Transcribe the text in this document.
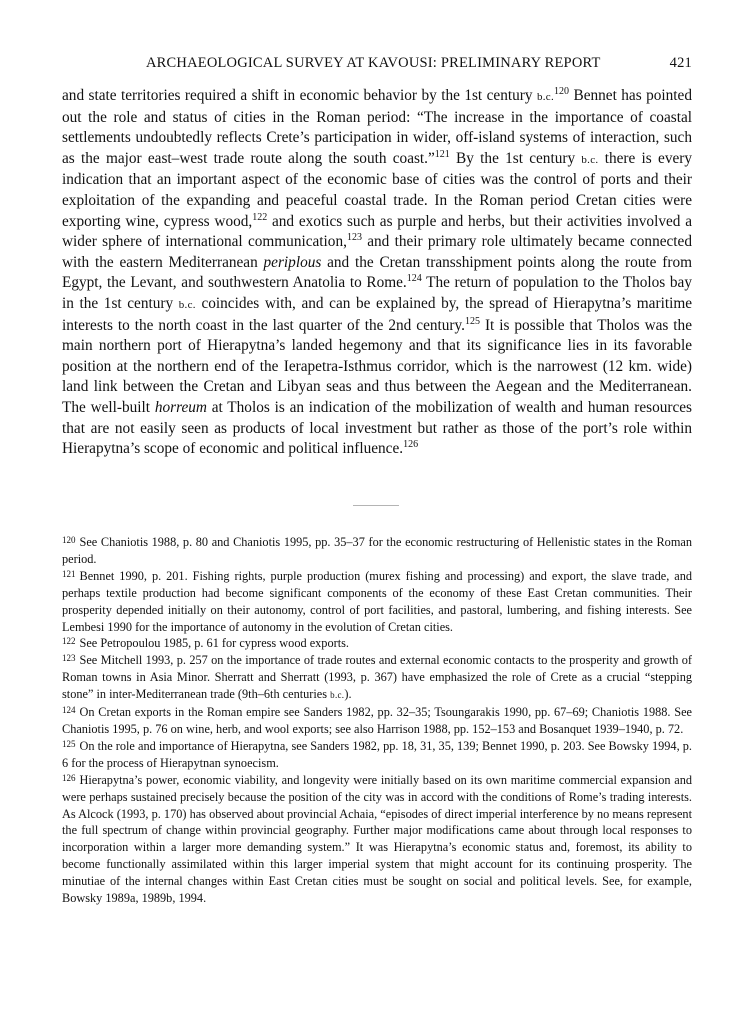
ARCHAEOLOGICAL SURVEY AT KAVOUSI: PRELIMINARY REPORT	421

and state territories required a shift in economic behavior by the 1st century b.c.$^{120}$ Bennet has pointed out the role and status of cities in the Roman period: “The increase in the importance of coastal settlements undoubtedly reflects Crete’s participation in wider, off-island systems of interaction, such as the major east–west trade route along the south coast.”$^{121}$ By the 1st century b.c. there is every indication that an important aspect of the economic base of cities was the control of ports and their exploitation of the expanding and peaceful coastal trade. In the Roman period Cretan cities were exporting wine, cypress wood,$^{122}$ and exotics such as purple and herbs, but their activities involved a wider sphere of international communication,$^{123}$ and their primary role ultimately became connected with the eastern Mediterranean periplous and the Cretan transshipment points along the route from Egypt, the Levant, and southwestern Anatolia to Rome.$^{124}$ The return of population to the Tholos bay in the 1st century b.c. coincides with, and can be explained by, the spread of Hierapytna’s maritime interests to the north coast in the last quarter of the 2nd century.$^{125}$ It is possible that Tholos was the main northern port of Hierapytna’s landed hegemony and that its significance lies in its favorable position at the northern end of the Ierapetra-Isthmus corridor, which is the narrowest (12 km. wide) land link between the Cretan and Libyan seas and thus between the Aegean and the Mediterranean. The well-built horreum at Tholos is an indication of the mobilization of wealth and human resources that are not easily seen as products of local investment but rather as those of the port’s role within Hierapytna’s scope of economic and political influence.$^{126}$

$^{120}$ See Chaniotis 1988, p. 80 and Chaniotis 1995, pp. 35–37 for the economic restructuring of Hellenistic states in the Roman period.

$^{121}$ Bennet 1990, p. 201. Fishing rights, purple production (murex fishing and processing) and export, the slave trade, and perhaps textile production had become significant components of the economy of these East Cretan communities. Their prosperity depended initially on their autonomy, control of port facilities, and pastoral, lumbering, and fishing interests. See Lembesi 1990 for the importance of autonomy in the evolution of Cretan cities.

$^{122}$ See Petropoulou 1985, p. 61 for cypress wood exports.

$^{123}$ See Mitchell 1993, p. 257 on the importance of trade routes and external economic contacts to the prosperity and growth of Roman towns in Asia Minor. Sherratt and Sherratt (1993, p. 367) have emphasized the role of Crete as a crucial “stepping stone” in inter-Mediterranean trade (9th–6th centuries b.c.).

$^{124}$ On Cretan exports in the Roman empire see Sanders 1982, pp. 32–35; Tsoungarakis 1990, pp. 67–69; Chaniotis 1988. See Chaniotis 1995, p. 76 on wine, herb, and wool exports; see also Harrison 1988, pp. 152–153 and Bosanquet 1939–1940, p. 72.

$^{125}$ On the role and importance of Hierapytna, see Sanders 1982, pp. 18, 31, 35, 139; Bennet 1990, p. 203. See Bowsky 1994, p. 6 for the process of Hierapytnan synoecism.

$^{126}$ Hierapytna’s power, economic viability, and longevity were initially based on its own maritime commercial expansion and were perhaps sustained precisely because the position of the city was in accord with the conditions of Rome’s trading interests. As Alcock (1993, p. 170) has observed about provincial Achaia, “episodes of direct imperial interference by no means represent the full spectrum of change within provincial geography. Further major modifications came about through local responses to incorporation within a larger more demanding system.” It was Hierapytna’s economic status and, foremost, its ability to become functionally assimilated within this larger imperial system that might account for its continuing prosperity. The minutiae of the internal changes within East Cretan cities must be sought on social and political levels. See, for example, Bowsky 1989a, 1989b, 1994.
